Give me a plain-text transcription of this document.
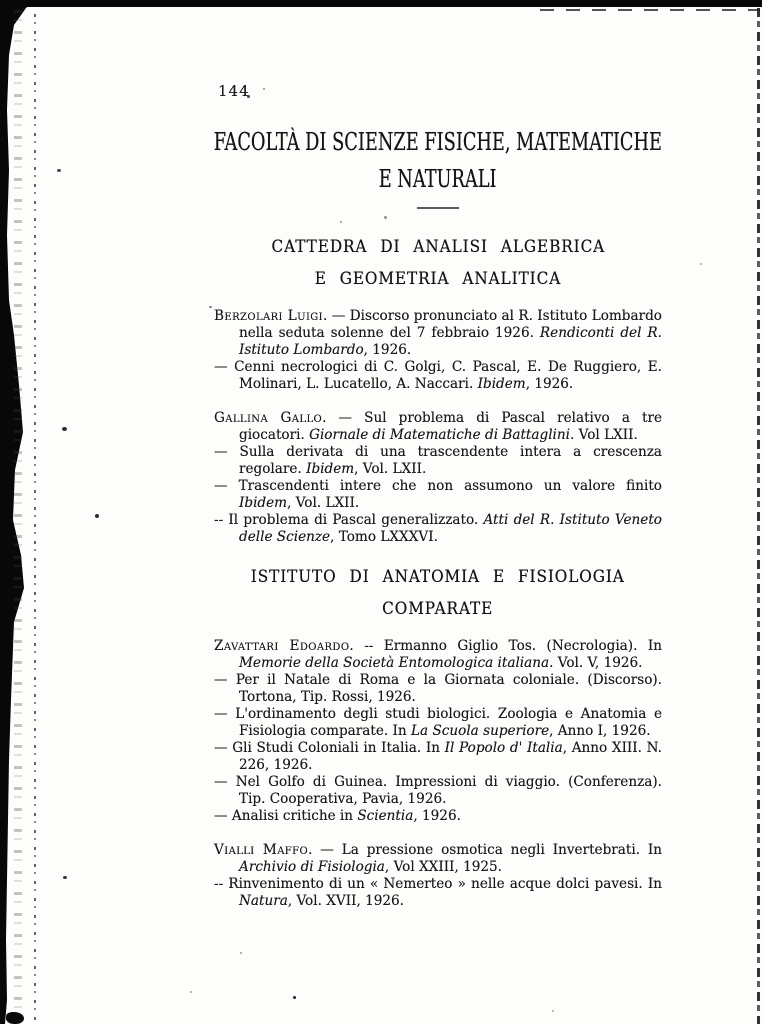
144
FACOLTÀ DI SCIENZE FISICHE, MATEMATICHE
E NATURALI
CATTEDRA DI ANALISI ALGEBRICA
E GEOMETRIA ANALITICA

Berzolari Luigi. — Discorso pronunciato al R. Istituto Lombardo nella seduta solenne del 7 febbraio 1926. Rendiconti del R. Istituto Lombardo, 1926.

— Cenni necrologici di C. Golgi, C. Pascal, E. De Ruggiero, E. Molinari, L. Lucatello, A. Naccari. Ibidem, 1926.

Gallina Gallo. — Sul problema di Pascal relativo a tre giocatori. Giornale di Matematiche di Battaglini. Vol LXII.

— Sulla derivata di una trascendente intera a crescenza regolare. Ibidem, Vol. LXII.

— Trascendenti intere che non assumono un valore finito Ibidem, Vol. LXII.

-- Il problema di Pascal generalizzato. Atti del R. Istituto Veneto delle Scienze, Tomo LXXXVI.

ISTITUTO DI ANATOMIA E FISIOLOGIA
COMPARATE

Zavattari Edoardo. -- Ermanno Giglio Tos. (Necrologia). In Memorie della Società Entomologica italiana. Vol. V, 1926.

— Per il Natale di Roma e la Giornata coloniale. (Discorso). Tortona, Tip. Rossi, 1926.

— L'ordinamento degli studi biologici. Zoologia e Anatomia e Fisiologia comparate. In La Scuola superiore, Anno I, 1926.

— Gli Studi Coloniali in Italia. In Il Popolo d' Italia, Anno XIII. N. 226, 1926.

— Nel Golfo di Guinea. Impressioni di viaggio. (Conferenza). Tip. Cooperativa, Pavia, 1926.

— Analisi critiche in Scientia, 1926.

Vialli Maffo. — La pressione osmotica negli Invertebrati. In Archivio di Fisiologia, Vol XXIII, 1925.

-- Rinvenimento di un « Nemerteo » nelle acque dolci pavesi. In Natura, Vol. XVII, 1926.
